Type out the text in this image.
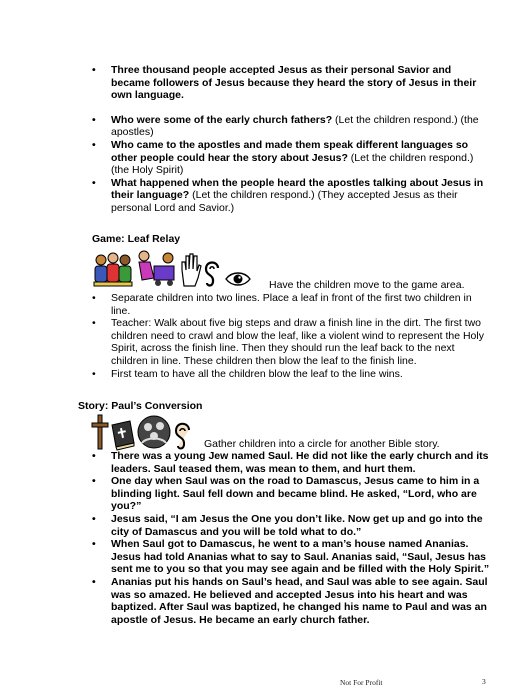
• Three thousand people accepted Jesus as their personal Savior and became followers of Jesus because they heard the story of Jesus in their own language.
• Who were some of the early church fathers? (Let the children respond.) (the apostles)
• Who came to the apostles and made them speak different languages so other people could hear the story about Jesus? (Let the children respond.) (the Holy Spirit)
• What happened when the people heard the apostles talking about Jesus in their language? (Let the children respond.) (They accepted Jesus as their personal Lord and Savior.)
Game: Leaf Relay
Have the children move to the game area.
• Separate children into two lines. Place a leaf in front of the first two children in line.
• Teacher: Walk about five big steps and draw a finish line in the dirt. The first two children need to crawl and blow the leaf, like a violent wind to represent the Holy Spirit, across the finish line. Then they should run the leaf back to the next children in line. These children then blow the leaf to the finish line.
• First team to have all the children blow the leaf to the line wins.
Story: Paul’s Conversion
Gather children into a circle for another Bible story.
• There was a young Jew named Saul. He did not like the early church and its leaders. Saul teased them, was mean to them, and hurt them.
• One day when Saul was on the road to Damascus, Jesus came to him in a blinding light. Saul fell down and became blind. He asked, “Lord, who are you?”
• Jesus said, “I am Jesus the One you don’t like. Now get up and go into the city of Damascus and you will be told what to do.”
• When Saul got to Damascus, he went to a man’s house named Ananias. Jesus had told Ananias what to say to Saul. Ananias said, “Saul, Jesus has sent me to you so that you may see again and be filled with the Holy Spirit.”
• Ananias put his hands on Saul’s head, and Saul was able to see again. Saul was so amazed. He believed and accepted Jesus into his heart and was baptized. After Saul was baptized, he changed his name to Paul and was an apostle of Jesus. He became an early church father.
Not For Profit	3
